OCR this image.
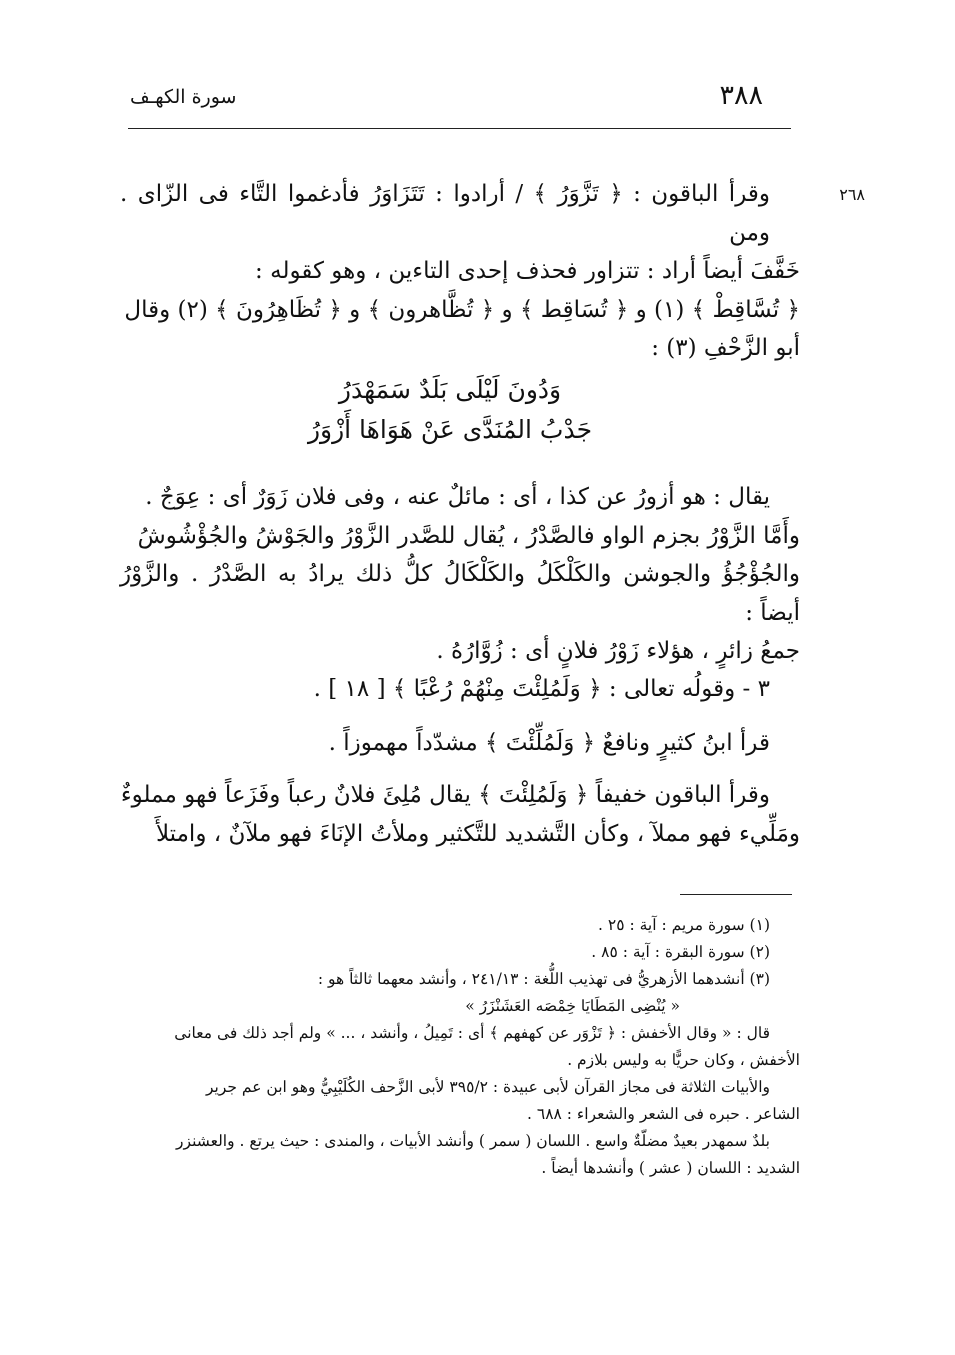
٣٨٨
سورة الكهـف
٢٦٨
وقرأ الباقون : ﴿ تَزَّوَرُ ﴾ / أرادوا : تَتَزَاوَرُ فأدغموا التَّاء فى الزّاى . ومن
خَفَّفَ أيضاً أراد : تتزاور فحذف إحدى التاءين ، وهو كقوله :
﴿ تُسَّاقِطْ ﴾ (١) و ﴿ تُسَاقِط ﴾ و ﴿ تُظَّاهرون ﴾ و ﴿ تُظَاهِرُونَ ﴾ (٢) وقال
أبو الزَّحْفِ (٣) :
وَدُونَ لَيْلَى بَلَدٌ سَمَهْدَرُ
جَدْبُ المُنَدَّى عَنْ هَوَاهَا أَزْوَرُ
يقال : هو أزورُ عن كذا ، أى : مائلٌ عنه ، وفى فلان زَوَرٌ أى : عِوَجٌ .
وأَمَّا الزَّوْرُ بجزم الواو فالصَّدْرُ ، يُقال للصَّدر الزَّوْرُ والجَوْشُ والجُؤْشُوشُ
والجُؤْجُؤُ والجوشن والكَلْكَلُ والكَلْكَالُ كلُّ ذلك يرادُ به الصَّدْرُ . والزَّوْرُ أيضاً :
جمعُ زائرٍ ، هؤلاء زَوْرُ فلانٍ أى : زُوَّارُهُ .
٣ - وقولُه تعالى : ﴿ وَلَمُلِئْتَ مِنْهُمْ رُعْبًا ﴾ [ ١٨ ] .
قرأ ابنُ كثيرٍ ونافعٌ ﴿ وَلَمُلِّئْتَ ﴾ مشدّداً مهموزاً .
وقرأ الباقون خفيفاً ﴿ وَلَمُلِئْتَ ﴾ يقال مُلِئَ فلانٌ رعباً وفَزَعاً فهو مملوءٌ
ومَلِّيء فهو مملآ ، وكأن التَّشديد للتَّكثير وملأتُ الإنَاءَ فهو ملآنٌ ، وامتلأَ

(١) سورة مريم : آية : ٢٥ .

(٢) سورة البقرة : آية : ٨٥ .

(٣) أنشدهما الأزهريُّ فى تهذيب اللُّغة : ٢٤١/١٣ ، وأنشد معهما ثالثاً هو :

« يُنْضِى المَطَايَا خِمْصَه العَشَنْزَرُ »

قال : « وقال الأخفش : ﴿ تَزْوَر عن كهفهم ﴾ أى : تَمِيلُ ، وأنشد ، ... » ولم أجد ذلك فى معانى

الأخفش ، وكان حريًّا به وليس بلازم .

والأبيات الثلاثة فى مجاز القرآن لأبى عبيدة : ٣٩٥/٢ لأبى الزَّحف الكُلَيْبِيُّ وهو ابن عم جرير

الشاعر . حبره فى الشعر والشعراء : ٦٨٨ .

بلدٌ سمهدر بعيدٌ مضلّةٌ واسع . اللسان ( سمر ) وأنشد الأبيات ، والمندى : حيث يرتع . والعشنزر

الشديد : اللسان ( عشر ) وأنشدها أيضاً .
